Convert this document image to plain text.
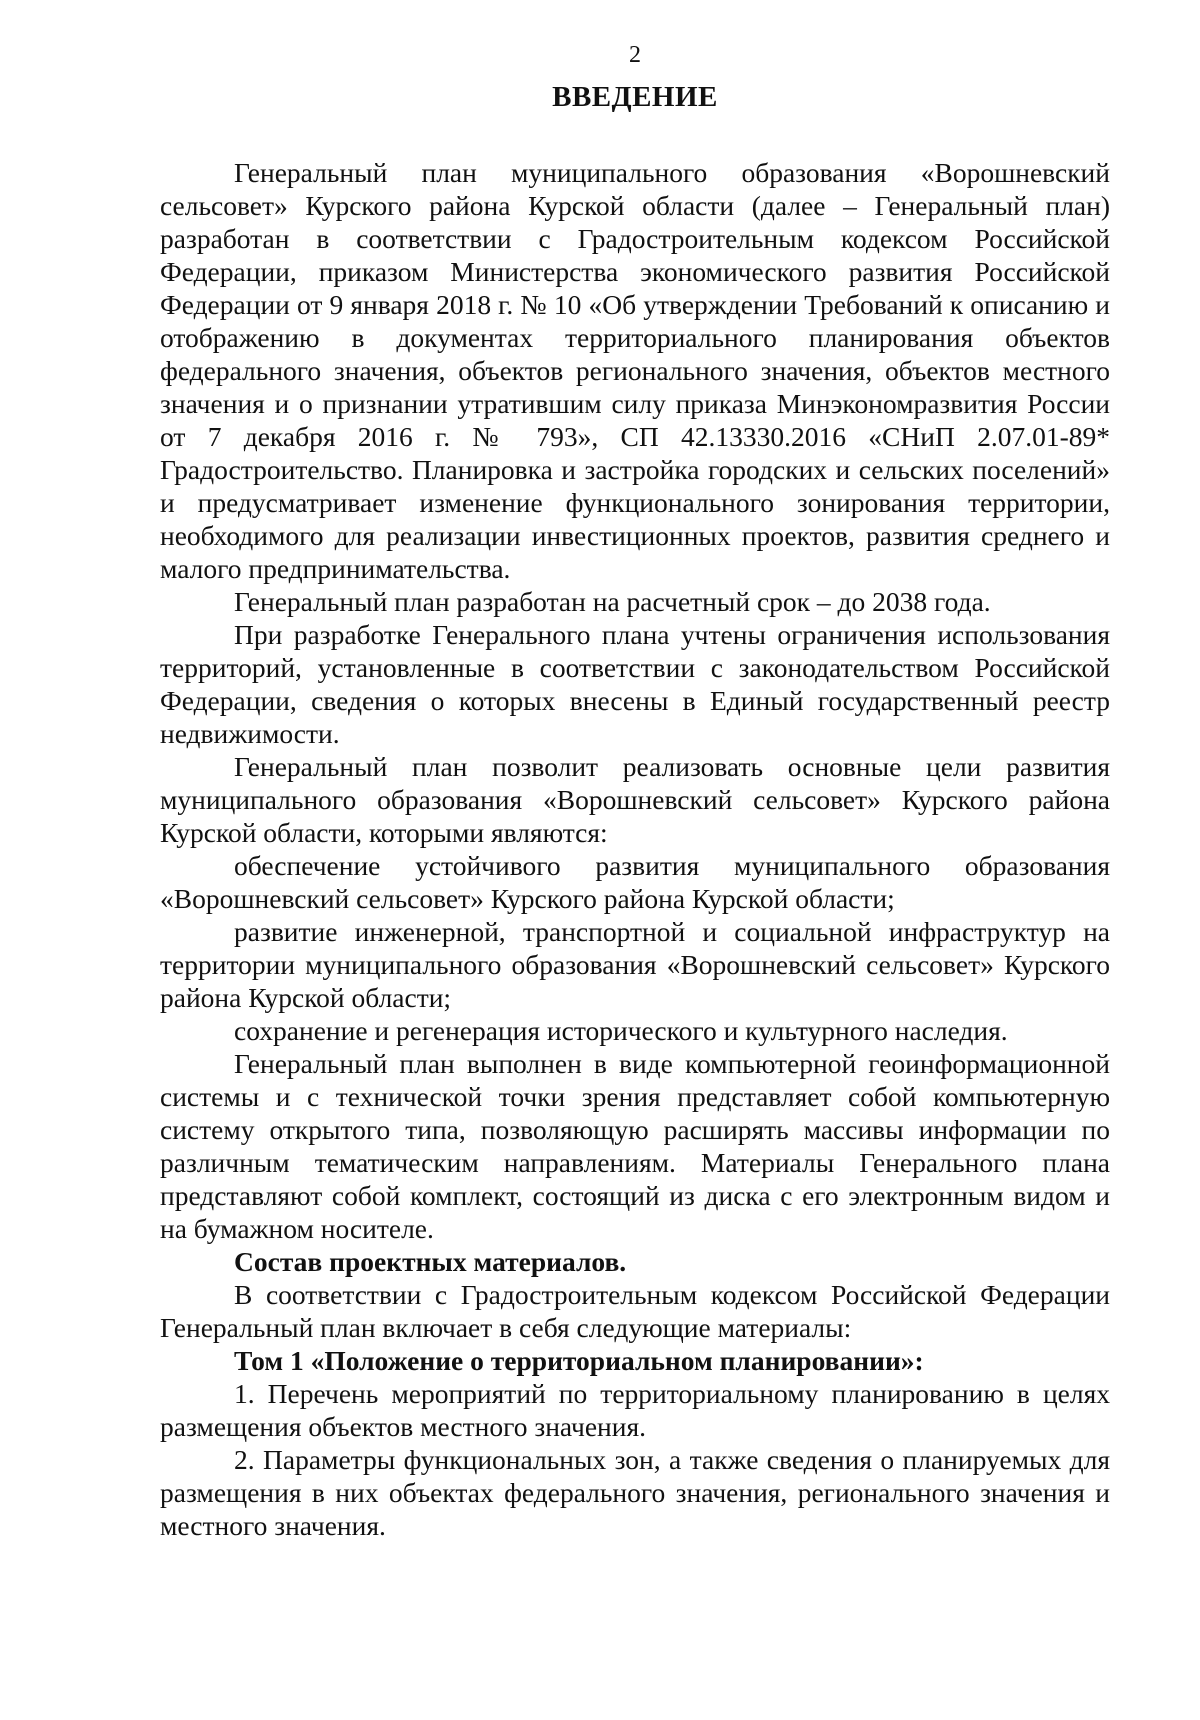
2
ВВЕДЕНИЕ

Генеральный план муниципального образования «Ворошневский сельсовет» Курского района Курской области (далее – Генеральный план) разработан в соответствии с Градостроительным кодексом Российской Федерации, приказом Министерства экономического развития Российской Федерации от 9 января 2018 г. № 10 «Об утверждении Требований к описанию и отображению в документах территориального планирования объектов федерального значения, объектов регионального значения, объектов местного значения и о признании утратившим силу приказа Минэкономразвития России от 7 декабря 2016 г. № 793», СП 42.13330.2016 «СНиП 2.07.01-89* Градостроительство. Планировка и застройка городских и сельских поселений» и предусматривает изменение функционального зонирования территории, необходимого для реализации инвестиционных проектов, развития среднего и малого предпринимательства.

Генеральный план разработан на расчетный срок – до 2038 года.

При разработке Генерального плана учтены ограничения использования территорий, установленные в соответствии с законодательством Российской Федерации, сведения о которых внесены в Единый государственный реестр недвижимости.

Генеральный план позволит реализовать основные цели развития муниципального образования «Ворошневский сельсовет» Курского района Курской области, которыми являются:

обеспечение устойчивого развития муниципального образования «Ворошневский сельсовет» Курского района Курской области;

развитие инженерной, транспортной и социальной инфраструктур на территории муниципального образования «Ворошневский сельсовет» Курского района Курской области;

сохранение и регенерация исторического и культурного наследия.

Генеральный план выполнен в виде компьютерной геоинформационной системы и с технической точки зрения представляет собой компьютерную систему открытого типа, позволяющую расширять массивы информации по различным тематическим направлениям. Материалы Генерального плана представляют собой комплект, состоящий из диска с его электронным видом и на бумажном носителе.

Состав проектных материалов.

В соответствии с Градостроительным кодексом Российской Федерации Генеральный план включает в себя следующие материалы:

Том 1 «Положение о территориальном планировании»:

1. Перечень мероприятий по территориальному планированию в целях размещения объектов местного значения.

2. Параметры функциональных зон, а также сведения о планируемых для размещения в них объектах федерального значения, регионального значения и местного значения.
